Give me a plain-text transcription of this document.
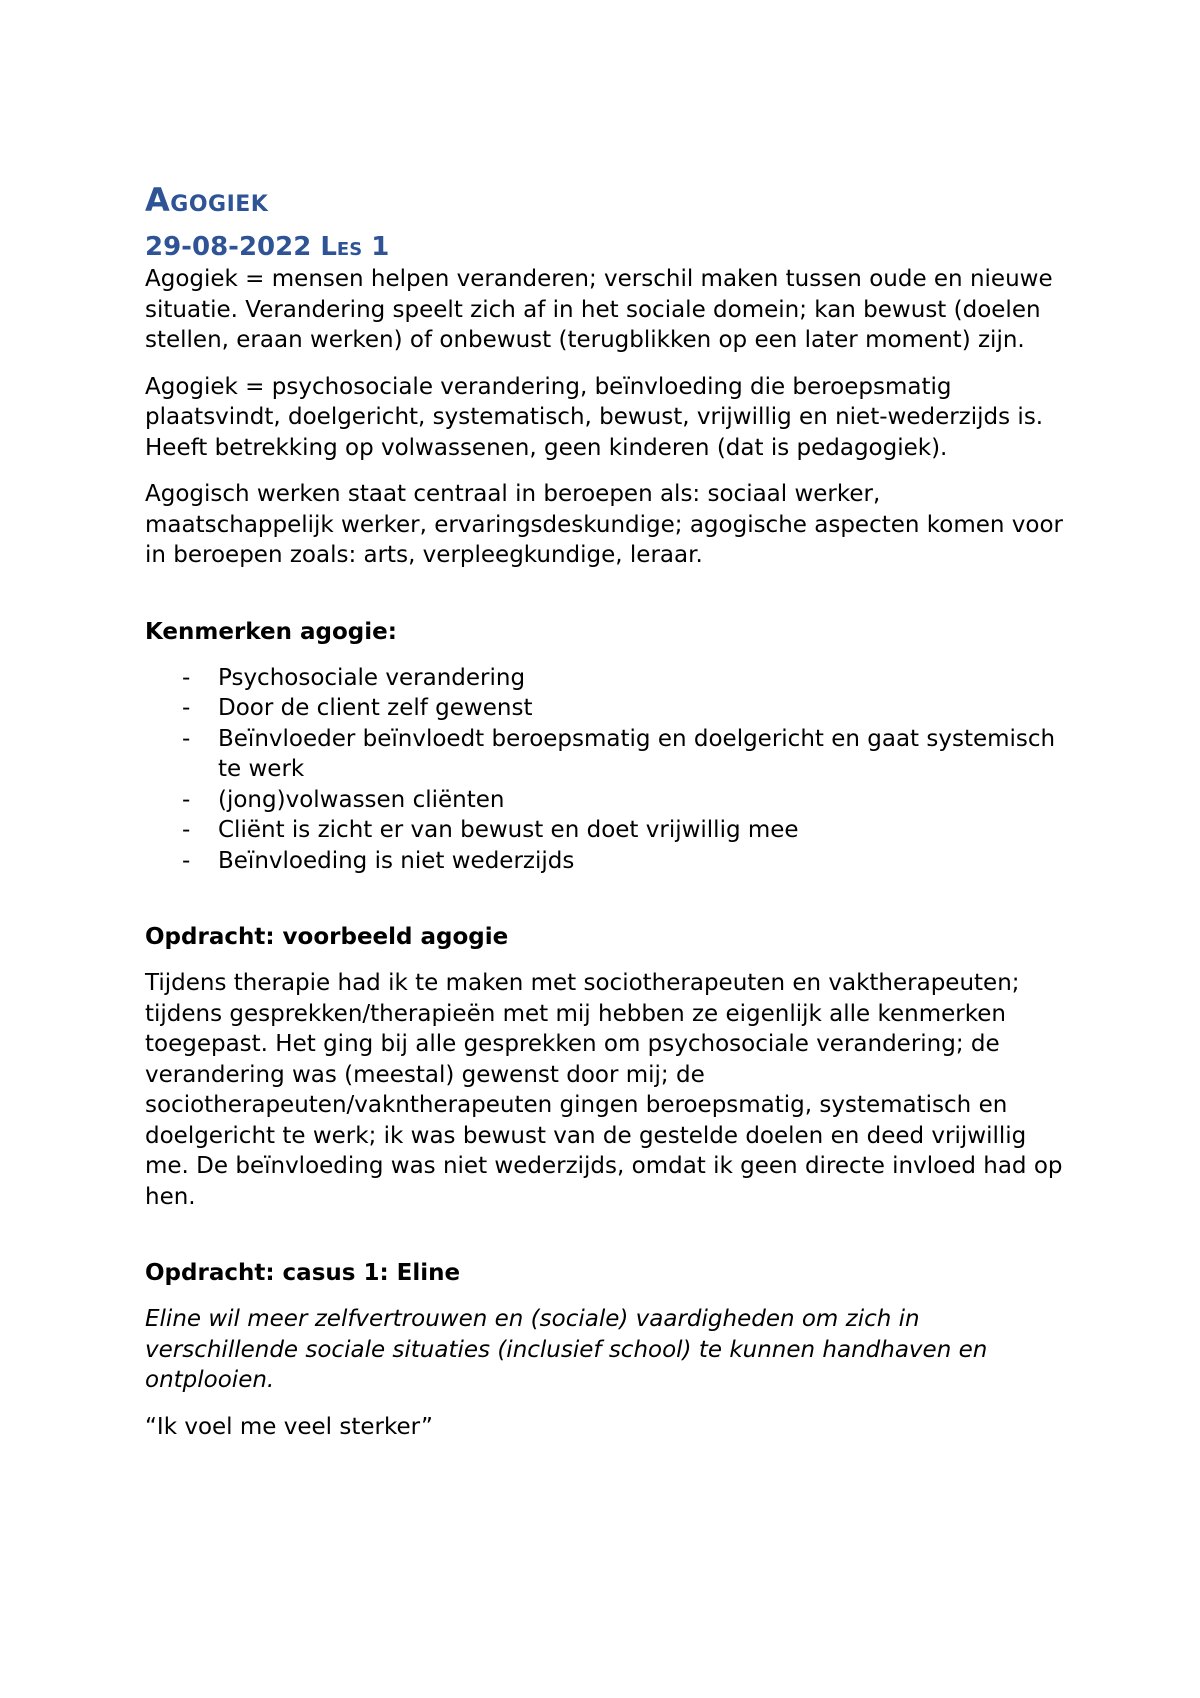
Agogiek
29-08-2022 Les 1

Agogiek = mensen helpen veranderen; verschil maken tussen oude en nieuwe situatie. Verandering speelt zich af in het sociale domein; kan bewust (doelen stellen, eraan werken) of onbewust (terugblikken op een later moment) zijn.

Agogiek = psychosociale verandering, beïnvloeding die beroepsmatig plaatsvindt, doelgericht, systematisch, bewust, vrijwillig en niet-wederzijds is. Heeft betrekking op volwassenen, geen kinderen (dat is pedagogiek).

Agogisch werken staat centraal in beroepen als: sociaal werker, maatschappelijk werker, ervaringsdeskundige; agogische aspecten komen voor in beroepen zoals: arts, verpleegkundige, leraar.

Kenmerken agogie:

- Psychosociale verandering
- Door de client zelf gewenst
- Beïnvloeder beïnvloedt beroepsmatig en doelgericht en gaat systemisch te werk
- (jong)volwassen cliënten
- Cliënt is zicht er van bewust en doet vrijwillig mee
- Beïnvloeding is niet wederzijds

Opdracht: voorbeeld agogie

Tijdens therapie had ik te maken met sociotherapeuten en vaktherapeuten; tijdens gesprekken/therapieën met mij hebben ze eigenlijk alle kenmerken toegepast. Het ging bij alle gesprekken om psychosociale verandering; de verandering was (meestal) gewenst door mij; de sociotherapeuten/vakntherapeuten gingen beroepsmatig, systematisch en doelgericht te werk; ik was bewust van de gestelde doelen en deed vrijwillig me. De beïnvloeding was niet wederzijds, omdat ik geen directe invloed had op hen.

Opdracht: casus 1: Eline

Eline wil meer zelfvertrouwen en (sociale) vaardigheden om zich in verschillende sociale situaties (inclusief school) te kunnen handhaven en ontplooien.

“Ik voel me veel sterker”
